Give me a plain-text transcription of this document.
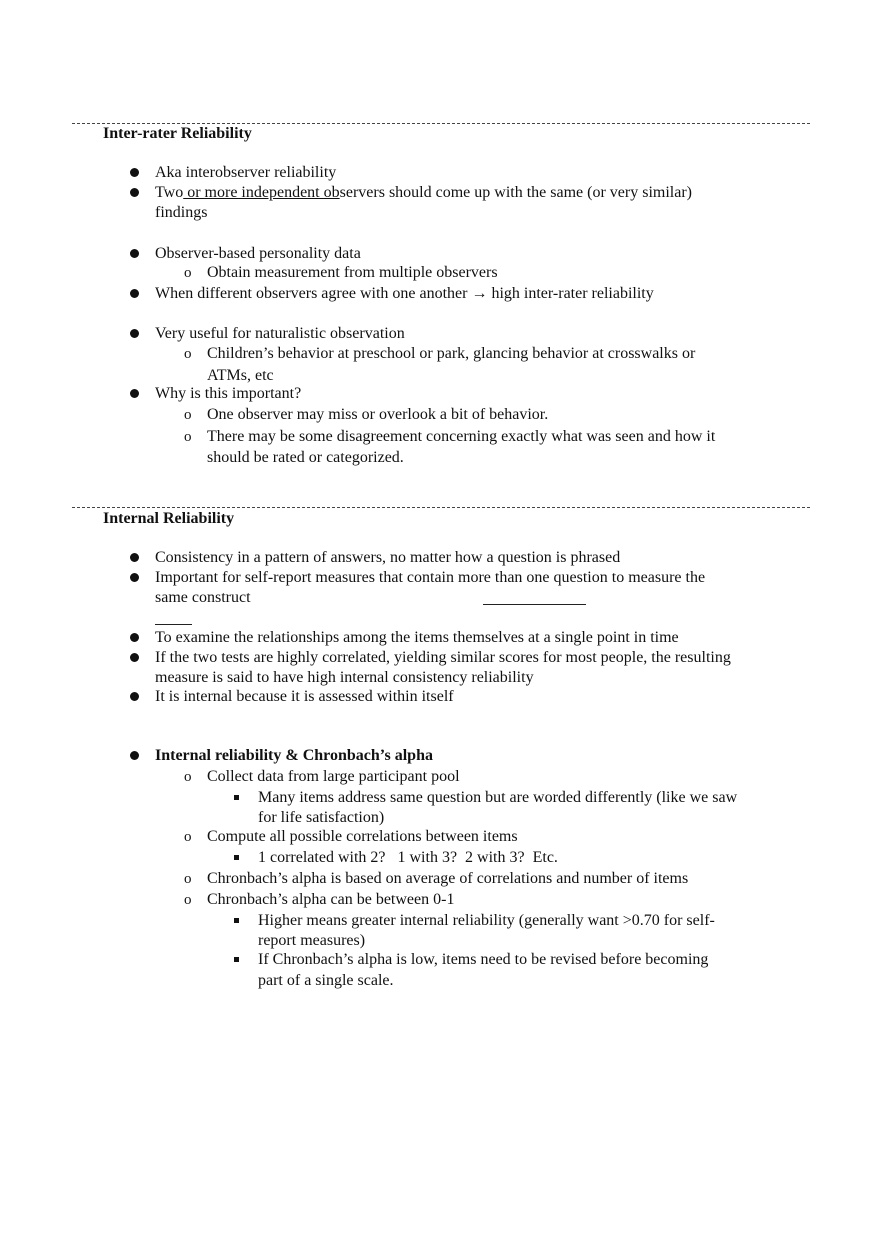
Inter-rater Reliability
Aka interobserver reliability
Two or more independent observers should come up with the same (or very similar)
findings
Observer-based personality data
o Obtain measurement from multiple observers
When different observers agree with one another → high inter-rater reliability
Very useful for naturalistic observation
o Children’s behavior at preschool or park, glancing behavior at crosswalks or
ATMs, etc
Why is this important?
o One observer may miss or overlook a bit of behavior.
o There may be some disagreement concerning exactly what was seen and how it
should be rated or categorized.
Internal Reliability
Consistency in a pattern of answers, no matter how a question is phrased
Important for self-report measures that contain more than one question to measure the
same construct
To examine the relationships among the items themselves at a single point in time
If the two tests are highly correlated, yielding similar scores for most people, the resulting
measure is said to have high internal consistency reliability
It is internal because it is assessed within itself
Internal reliability & Chronbach’s alpha
o Collect data from large participant pool
Many items address same question but are worded differently (like we saw
for life satisfaction)
o Compute all possible correlations between items
1 correlated with 2?   1 with 3?  2 with 3?  Etc.
o Chronbach’s alpha is based on average of correlations and number of items
o Chronbach’s alpha can be between 0-1
Higher means greater internal reliability (generally want >0.70 for self-
report measures)
If Chronbach’s alpha is low, items need to be revised before becoming
part of a single scale.
